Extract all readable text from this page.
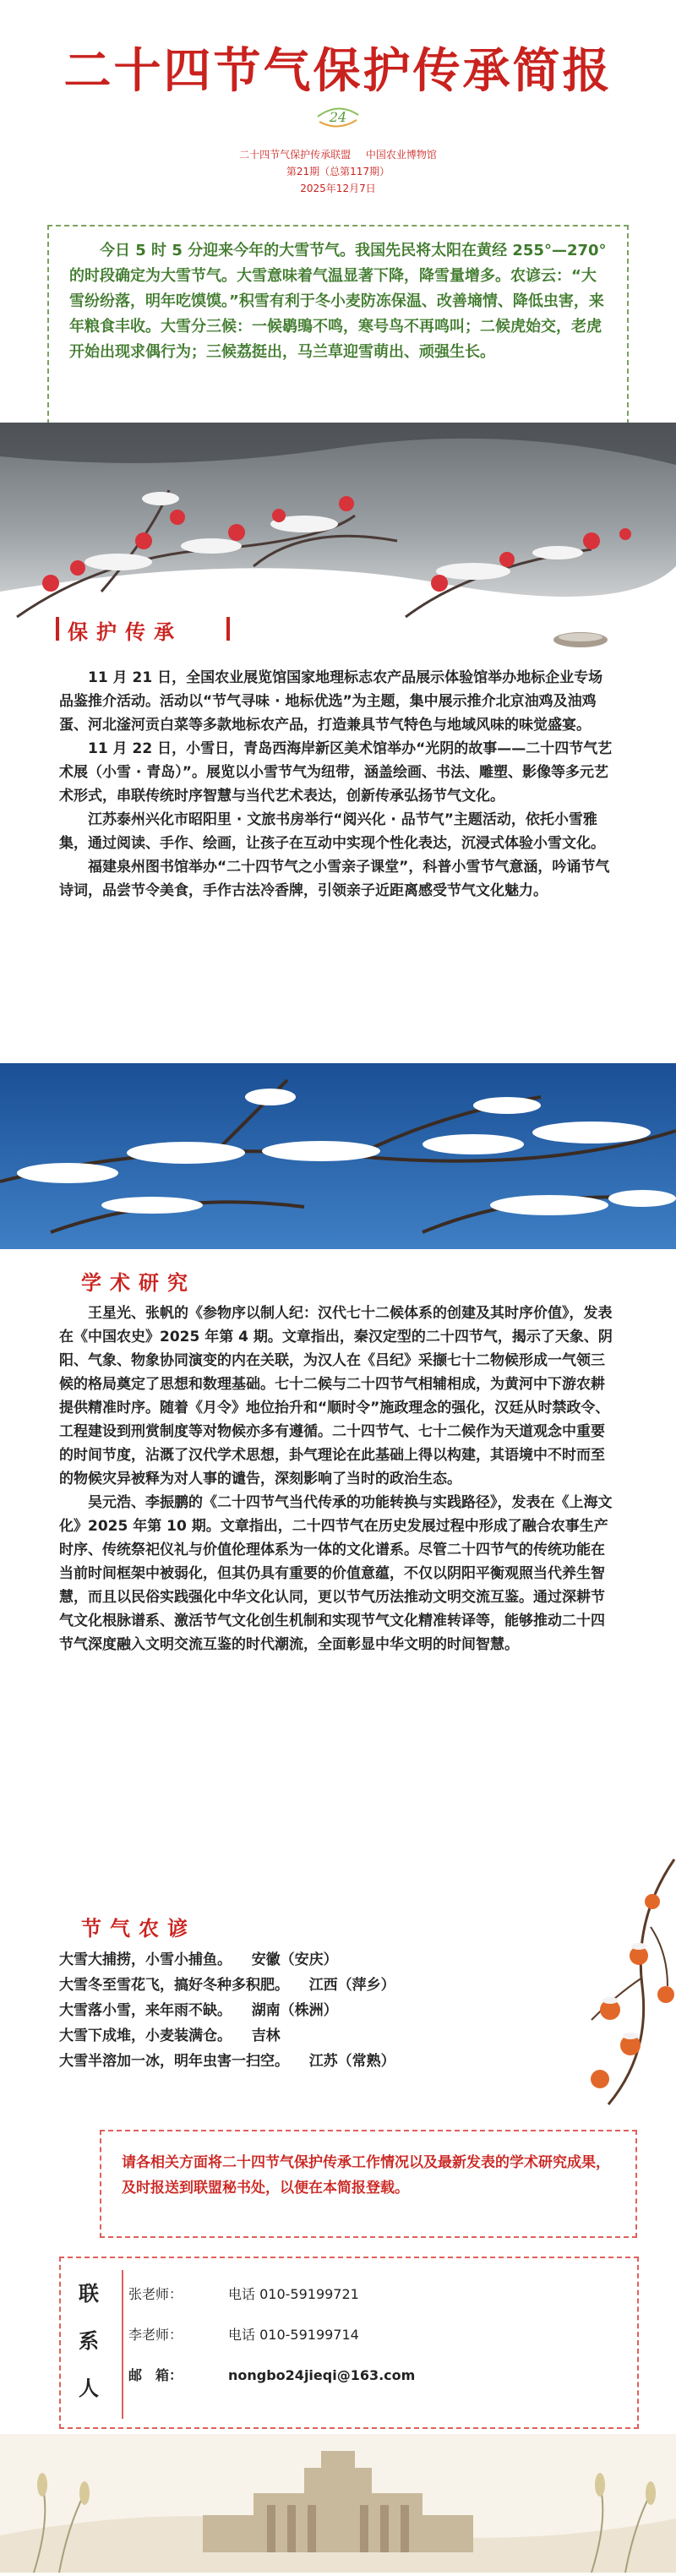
二十四节气保护传承简报
24
二十四节气保护传承联盟 中国农业博物馆
第21期（总第117期）
2025年12月7日

今日 5 时 5 分迎来今年的大雪节气。我国先民将太阳在黄经 255°—270°的时段确定为大雪节气。大雪意味着气温显著下降，降雪量增多。农谚云：“大雪纷纷落，明年吃馍馍。”积雪有利于冬小麦防冻保温、改善墒情、降低虫害，来年粮食丰收。大雪分三候：一候鹖鴠不鸣，寒号鸟不再鸣叫；二候虎始交，老虎开始出现求偶行为；三候荔挺出，马兰草迎雪萌出、顽强生长。

保护传承

11 月 21 日，全国农业展览馆国家地理标志农产品展示体验馆举办地标企业专场品鉴推介活动。活动以“节气寻味 · 地标优选”为主题，集中展示推介北京油鸡及油鸡蛋、河北滏河贡白菜等多款地标农产品，打造兼具节气特色与地域风味的味觉盛宴。

11 月 22 日，小雪日，青岛西海岸新区美术馆举办“光阴的故事——二十四节气艺术展（小雪 · 青岛）”。展览以小雪节气为纽带，涵盖绘画、书法、雕塑、影像等多元艺术形式，串联传统时序智慧与当代艺术表达，创新传承弘扬节气文化。

江苏泰州兴化市昭阳里 · 文旅书房举行“阅兴化 · 品节气”主题活动，依托小雪雅集，通过阅读、手作、绘画，让孩子在互动中实现个性化表达，沉浸式体验小雪文化。

福建泉州图书馆举办“二十四节气之小雪亲子课堂”，科普小雪节气意涵，吟诵节气诗词，品尝节令美食，手作古法冷香牌，引领亲子近距离感受节气文化魅力。

学术研究

王星光、张帆的《参物序以制人纪：汉代七十二候体系的创建及其时序价值》，发表在《中国农史》2025 年第 4 期。文章指出，秦汉定型的二十四节气，揭示了天象、阴阳、气象、物象协同演变的内在关联，为汉人在《吕纪》采撷七十二物候形成一气领三候的格局奠定了思想和数理基础。七十二候与二十四节气相辅相成，为黄河中下游农耕提供精准时序。随着《月令》地位抬升和“顺时令”施政理念的强化，汉廷从时禁政令、工程建设到刑赏制度等对物候亦多有遵循。二十四节气、七十二候作为天道观念中重要的时间节度，沾溉了汉代学术思想，卦气理论在此基础上得以构建，其语境中不时而至的物候灾异被释为对人事的谴告，深刻影响了当时的政治生态。

吴元浩、李振鹏的《二十四节气当代传承的功能转换与实践路径》，发表在《上海文化》2025 年第 10 期。文章指出，二十四节气在历史发展过程中形成了融合农事生产时序、传统祭祀仪礼与价值伦理体系为一体的文化谱系。尽管二十四节气的传统功能在当前时间框架中被弱化，但其仍具有重要的价值意蕴，不仅以阴阳平衡观照当代养生智慧，而且以民俗实践强化中华文化认同，更以节气历法推动文明交流互鉴。通过深耕节气文化根脉谱系、激活节气文化创生机制和实现节气文化精准转译等，能够推动二十四节气深度融入文明交流互鉴的时代潮流，全面彰显中华文明的时间智慧。

节气农谚
大雪大捕捞，小雪小捕鱼。 安徽（安庆）
大雪冬至雪花飞，搞好冬种多积肥。 江西（萍乡）
大雪落小雪，来年雨不缺。 湖南（株洲）
大雪下成堆，小麦装满仓。 吉林
大雪半溶加一冰，明年虫害一扫空。 江苏（常熟）

请各相关方面将二十四节气保护传承工作情况以及最新发表的学术研究成果，及时报送到联盟秘书处，以便在本简报登载。

联系人
张老师：	电话 010-59199721
李老师：	电话 010-59199714
邮　箱：	nongbo24jieqi@163.com
